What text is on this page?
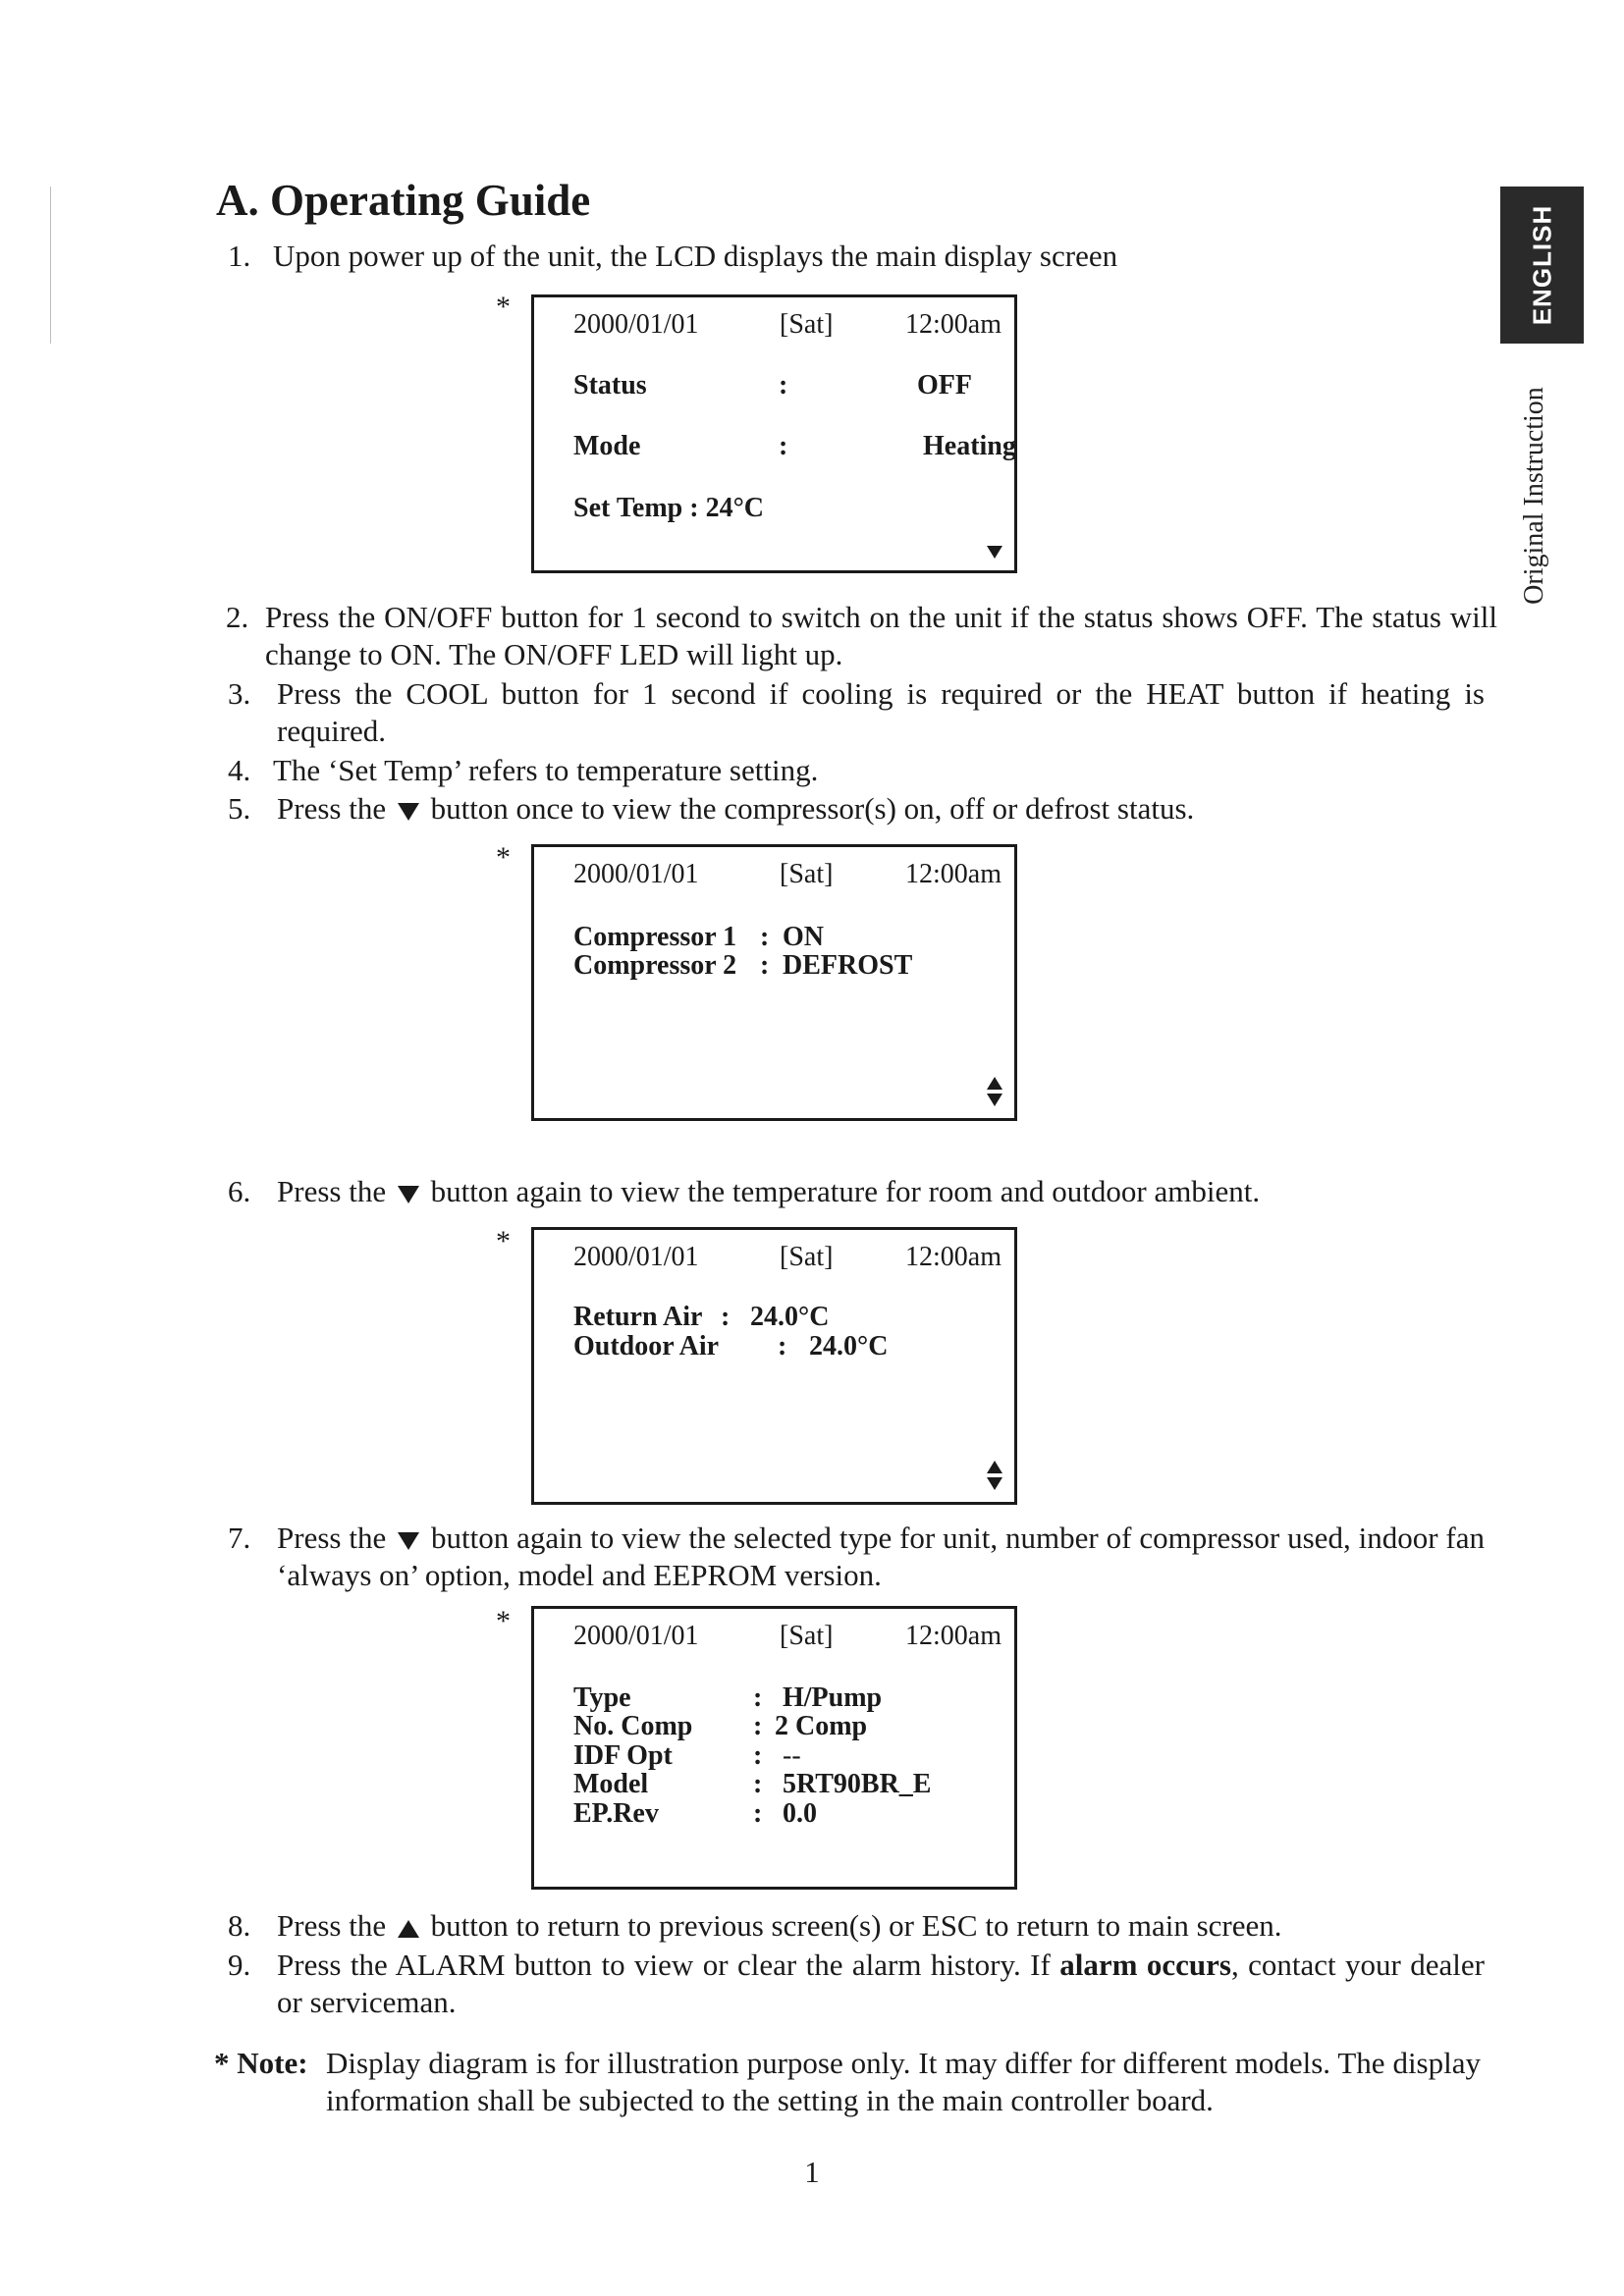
ENGLISH
Original Instruction
A. Operating Guide
1. Upon power up of the unit, the LCD displays the main display screen
*
2000/01/01	[Sat]	12:00am
Status	:	OFF
Mode	:	Heating
Set Temp : 24°C
2. Press the ON/OFF button for 1 second to switch on the unit if the status shows OFF. The status will change to ON. The ON/OFF LED will light up.
3. Press the COOL button for 1 second if cooling is required or the HEAT button if heating is required.
4. The ‘Set Temp’ refers to temperature setting.
5. Press the button once to view the compressor(s) on, off or defrost status.
*
2000/01/01	[Sat]	12:00am
Compressor 1 : ON
Compressor 2 : DEFROST
6. Press the button again to view the temperature for room and outdoor ambient.
* 2000/01/01	[Sat]	12:00am
Return Air : 24.0°C
Outdoor Air : 24.0°C
7. Press the button again to view the selected type for unit, number of compressor used, indoor fan ‘always on’ option, model and EEPROM version.
* 2000/01/01	[Sat]	12:00am
Type	: H/Pump
No. Comp : 2 Comp
IDF Opt	: --
Model	: 5RT90BR_E
EP.Rev	: 0.0
8. Press the button to return to previous screen(s) or ESC to return to main screen.
9. Press the ALARM button to view or clear the alarm history. If alarm occurs, contact your dealer or serviceman.
* Note: Display diagram is for illustration purpose only. It may differ for different models. The display information shall be subjected to the setting in the main controller board.
1
